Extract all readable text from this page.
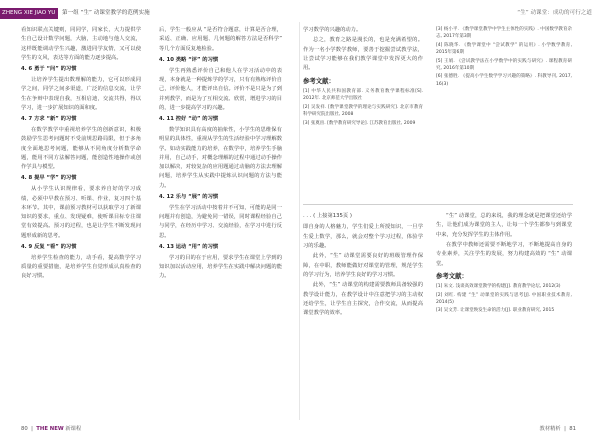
ZHENG XIE JIAO YU	第一组 “生” 动课堂教学的范例实施	“生” 动课堂：成功的可行之道

看知识联点关键则，同同学，同家长，大力提供学生自己设计数学问题，大脑，主动地与他人交流，这样既能调动学生兴趣，激进同学友情，又可以使学生的文风，表达等方面的能力逐步提高。

4. 6 勇于 “问” 的习惯

让培养学生提出数理解的能力，它可以形成同学之间，同学之间多渠道，广泛的信息交流，让学生在争辩中表现自我，互相启迪，交流共得，得以学习，进一步扩展知识的面和度。

4. 7 方求 “新” 的习惯

在数学教学中重视培养学生的创新意识，积极鼓励学生思考问题时不受前规思路局限，但于多角度全面地思考问题，能够从不同角度分析数学命题，能用不同方法解答问题，能创造性地操作或创作学具与模型。

4. 8 提早 “学” 的习惯

从小学生认识规律看，要求养自好的学习成绩，必须中早教在预习、听课、作业，复习四个基本环节。其中，课前预习教材可以获取学习了新课知识的要求，重点、发现疑难，使听课目标专注课堂有效提高。预习的过程，也是让学生不断发现问题形成新的思考。

4. 9 反复 “看” 的习惯

培养学生检查的能力，动手看，提高数学学习质量的重要措施，是培养学生自觉形成认真检查的良好习惯。

后，学生一般应从 “是否符合题意，计算是否合理，采适、正确、应用题、几何题的解答方法是否科学” 等几个方面反复地检验。

4. 10 类略 “评” 的习惯

学生再熟悉评价自己和他人在学习活动中的表现，本身就是一种提炼学的学习，只有有熟练评价自己，评价他人，才能评出自信。评价不是只是为了到并列教学，而是为了互相交流、欣赏，增进学习的目的，进一步提高学习的兴趣。

4. 11 控好 “动” 的习惯

数学知识具有高度的抽象性，小学生的思维保有明显的具体性，重视从学生的生活经验中学习理解数学。如动实践能力的培养，在数学中，培养学生手脑并用，自己动手，对概念理解的过程中通过动手操作加以解决，对较复杂的应用题通过动脑的方法去理解问题，培养学生从实践中提炼认识问题的方法与能力。

4. 12 乐与 “展” 的习惯

学生在学习活动中按着并不可知，可能的是同一问题并有创造，为避免同一错误，同时课程经验自己与同学，在经历中学习、交流经验，在学习中进行反思。

4. 13 运动 “用” 的习惯

学习的目的在于应用，要求学生在课堂上学到的知识加以活动应用，培养学生在实践中解决问题的能力。

学习数学的兴趣的动力。

总之，教育之路是漫长的，也是充满希望的。作为一名小学数学教师，要善于挖掘尝试教学法，让尝试学习能够在我们教学课堂中发挥更大的作用。

参考文献：
[1] 中华人民共和国教育部. 义务教育数学课程标准[S]. 2012年. 北京师范大学出版社
[2] 吴发祥. [数学课堂教学的理论与实践研究]. 北京市教育科学研究院出版社, 2008
[3] 张奠宙. [数学教育研究导论]. 江苏教育出版社, 2009
[3] 杨小平. 《数学课堂教学中学生主体性的实践》. 中国数学教育杂志, 2017年第3期
[4] 陈晓华. 《数学课堂中 “尝试教学” 的运用》. 小学数学教育, 2015年第6期
[5] 王娟. 《尝试教学法在小学数学中的实践与研究》. 课程教育研究, 2016年第10期
[6] 张德胜. 《提高小学生数学学习兴趣的策略》. 科教导刊, 2017, 16(3)
. . . ( 上接第135页 )

即自身的人格魅力，学生们爱上所授知识，一旦学生爱上数学，那么，就会对整个学习过程，体验学习的乐趣。

此外，“生” 动课堂需要良好的班级管理作保障，在中职，教师能做好对课堂的管理，规范学生的学习行为，培养学生良好的学习习惯。

此外，“生” 动课堂的构建需要教师具备较强的教学设计能力，在教学设计中注意把学习的主动权还给学生，让学生自主探究，合作交流，从而提高课堂教学的效率。

“生” 动课堂，总的来说，我的理念就是把课堂还给学生，让他们成为课堂的主人，让每一个学生都参与到课堂中来，充分发挥学生的主体作用。

在教学中教师还需要不断地学习，不断地提高自身的专业素养，关注学生的发展，努力构建高效的 “生” 动课堂。

参考文献：
[1] 朱文. 浅谈高效课堂教学的构建[J]. 教育教学论坛, 2012(3)
[2] 刘红. 构建 “生” 动课堂的实践与思考[J]. 中国职业技术教育, 2014(5)
[3] 吴文芳. 让课堂焕发生命的活力[J]. 职业教育研究, 2015
80  |  THE NEW 新课程	教材精析  |  81
